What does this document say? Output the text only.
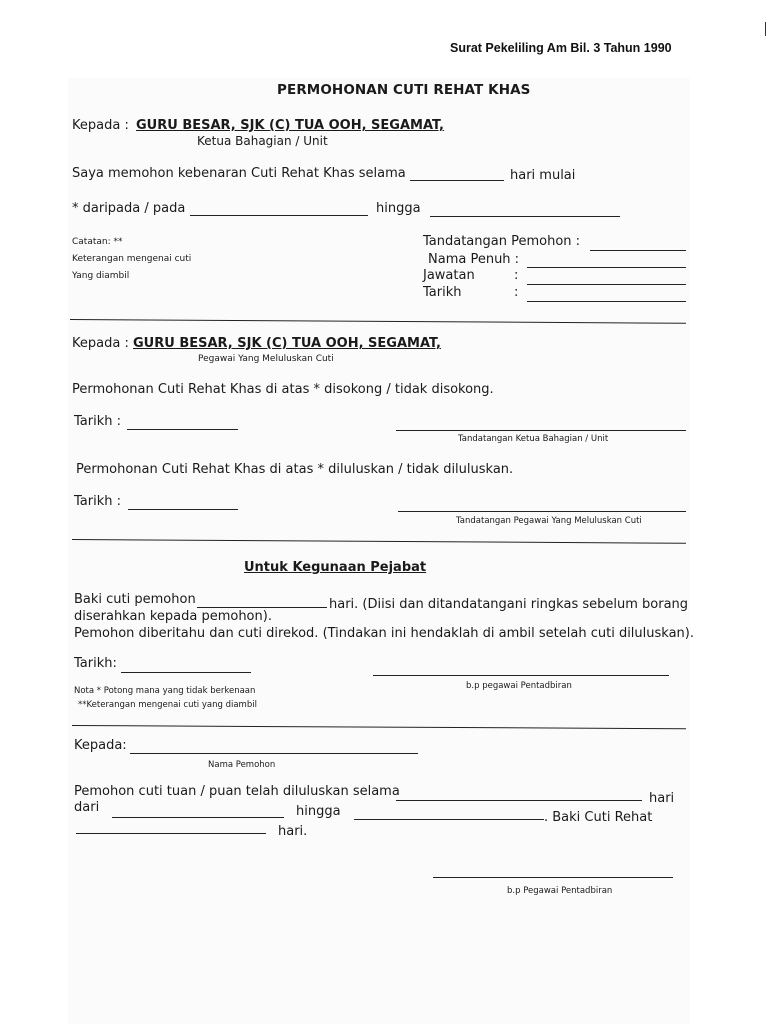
Surat Pekeliling Am Bil. 3 Tahun 1990
PERMOHONAN CUTI REHAT KHAS
Kepada : GURU BESAR, SJK (C) TUA OOH, SEGAMAT,
Ketua Bahagian / Unit
Saya memohon kebenaran Cuti Rehat Khas selama	hari mulai
* daripada / pada	hingga
Catatan: **
Keterangan mengenai cuti
Yang diambil
Tandatangan Pemohon :
Nama Penuh :
Jawatan	:
Tarikh	:
Kepada : GURU BESAR, SJK (C) TUA OOH, SEGAMAT,
Pegawai Yang Meluluskan Cuti
Permohonan Cuti Rehat Khas di atas * disokong / tidak disokong.
Tarikh :
Tandatangan Ketua Bahagian / Unit
Permohonan Cuti Rehat Khas di atas * diluluskan / tidak diluluskan.
Tarikh :
Tandatangan Pegawai Yang Meluluskan Cuti
Untuk Kegunaan Pejabat
Baki cuti pemohon	hari. (Diisi dan ditandatangani ringkas sebelum borang
diserahkan kepada pemohon).
Pemohon diberitahu dan cuti direkod. (Tindakan ini hendaklah di ambil setelah cuti diluluskan).
Tarikh:
b.p pegawai Pentadbiran
Nota * Potong mana yang tidak berkenaan
**Keterangan mengenai cuti yang diambil
Kepada:
Nama Pemohon
Pemohon cuti tuan / puan telah diluluskan selama	hari
dari	hingga	. Baki Cuti Rehat
hari.
b.p Pegawai Pentadbiran
